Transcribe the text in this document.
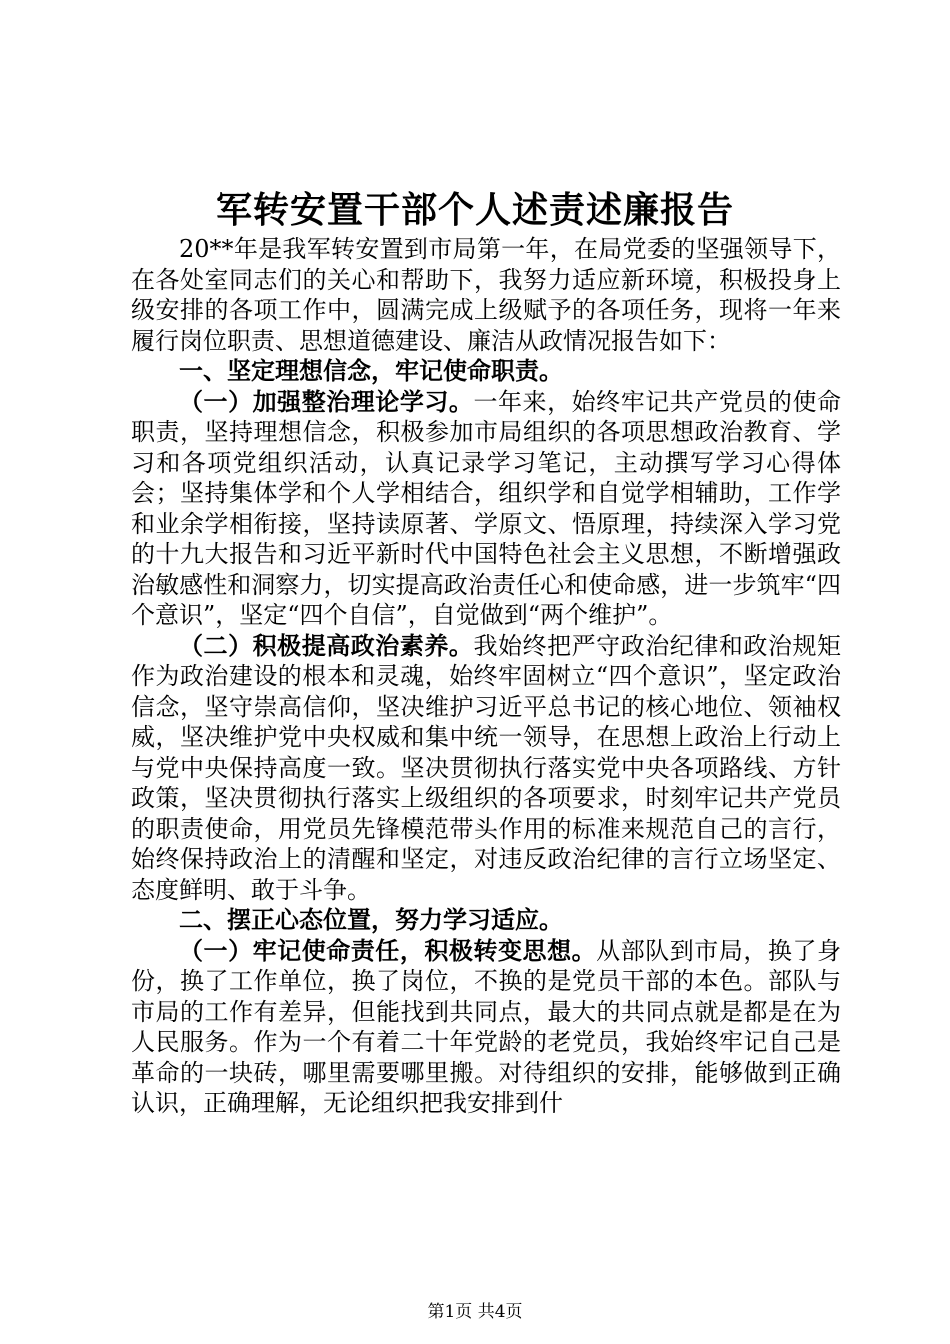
军转安置干部个人述责述廉报告

20**年是我军转安置到市局第一年，在局党委的坚强领导下，在各处室同志们的关心和帮助下，我努力适应新环境，积极投身上级安排的各项工作中，圆满完成上级赋予的各项任务，现将一年来履行岗位职责、思想道德建设、廉洁从政情况报告如下：

一、坚定理想信念，牢记使命职责。

（一）加强整治理论学习。一年来，始终牢记共产党员的使命职责，坚持理想信念，积极参加市局组织的各项思想政治教育、学习和各项党组织活动，认真记录学习笔记，主动撰写学习心得体会；坚持集体学和个人学相结合，组织学和自觉学相辅助，工作学和业余学相衔接，坚持读原著、学原文、悟原理，持续深入学习党的十九大报告和习近平新时代中国特色社会主义思想，不断增强政治敏感性和洞察力，切实提高政治责任心和使命感，进一步筑牢“四个意识”，坚定“四个自信”，自觉做到“两个维护”。

（二）积极提高政治素养。我始终把严守政治纪律和政治规矩作为政治建设的根本和灵魂，始终牢固树立“四个意识”，坚定政治信念，坚守崇高信仰，坚决维护习近平总书记的核心地位、领袖权威，坚决维护党中央权威和集中统一领导，在思想上政治上行动上与党中央保持高度一致。坚决贯彻执行落实党中央各项路线、方针政策，坚决贯彻执行落实上级组织的各项要求，时刻牢记共产党员的职责使命，用党员先锋模范带头作用的标准来规范自己的言行，始终保持政治上的清醒和坚定，对违反政治纪律的言行立场坚定、态度鲜明、敢于斗争。

二、摆正心态位置，努力学习适应。

（一）牢记使命责任，积极转变思想。从部队到市局，换了身份，换了工作单位，换了岗位，不换的是党员干部的本色。部队与市局的工作有差异，但能找到共同点，最大的共同点就是都是在为人民服务。作为一个有着二十年党龄的老党员，我始终牢记自己是革命的一块砖，哪里需要哪里搬。对待组织的安排，能够做到正确认识，正确理解，无论组织把我安排到什

第1页 共4页
